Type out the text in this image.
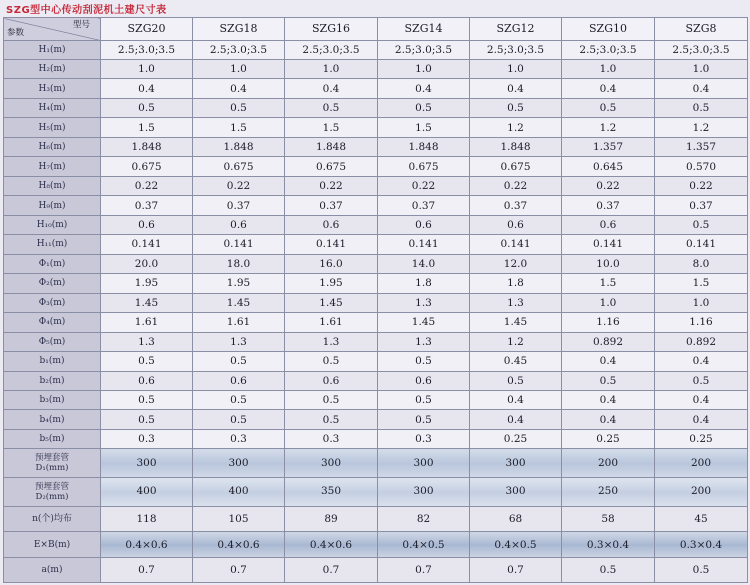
SZG型中心传动刮泥机土建尺寸表
型号
参数	SZG20	SZG18	SZG16	SZG14	SZG12	SZG10	SZG8
H₁(m)	2.5;3.0;3.5	2.5;3.0;3.5	2.5;3.0;3.5	2.5;3.0;3.5	2.5;3.0;3.5	2.5;3.0;3.5	2.5;3.0;3.5
H₂(m)	1.0	1.0	1.0	1.0	1.0	1.0	1.0
H₃(m)	0.4	0.4	0.4	0.4	0.4	0.4	0.4
H₄(m)	0.5	0.5	0.5	0.5	0.5	0.5	0.5
H₅(m)	1.5	1.5	1.5	1.5	1.2	1.2	1.2
H₆(m)	1.848	1.848	1.848	1.848	1.848	1.357	1.357
H₇(m)	0.675	0.675	0.675	0.675	0.675	0.645	0.570
H₈(m)	0.22	0.22	0.22	0.22	0.22	0.22	0.22
H₉(m)	0.37	0.37	0.37	0.37	0.37	0.37	0.37
H₁₀(m)	0.6	0.6	0.6	0.6	0.6	0.6	0.5
H₁₁(m)	0.141	0.141	0.141	0.141	0.141	0.141	0.141
Φ₁(m)	20.0	18.0	16.0	14.0	12.0	10.0	8.0
Φ₂(m)	1.95	1.95	1.95	1.8	1.8	1.5	1.5
Φ₃(m)	1.45	1.45	1.45	1.3	1.3	1.0	1.0
Φ₄(m)	1.61	1.61	1.61	1.45	1.45	1.16	1.16
Φ₅(m)	1.3	1.3	1.3	1.3	1.2	0.892	0.892
b₁(m)	0.5	0.5	0.5	0.5	0.45	0.4	0.4
b₂(m)	0.6	0.6	0.6	0.6	0.5	0.5	0.5
b₃(m)	0.5	0.5	0.5	0.5	0.4	0.4	0.4
b₄(m)	0.5	0.5	0.5	0.5	0.4	0.4	0.4
b₅(m)	0.3	0.3	0.3	0.3	0.25	0.25	0.25

预埋套管
D₁(mm)	300	300	300	300	300	200	200

预埋套管
D₂(mm)	400	400	350	300	300	250	200
n(个)均布	118	105	89	82	68	58	45
E×B(m)	0.4×0.6	0.4×0.6	0.4×0.6	0.4×0.5	0.4×0.5	0.3×0.4	0.3×0.4
a(m)	0.7	0.7	0.7	0.7	0.7	0.5	0.5
